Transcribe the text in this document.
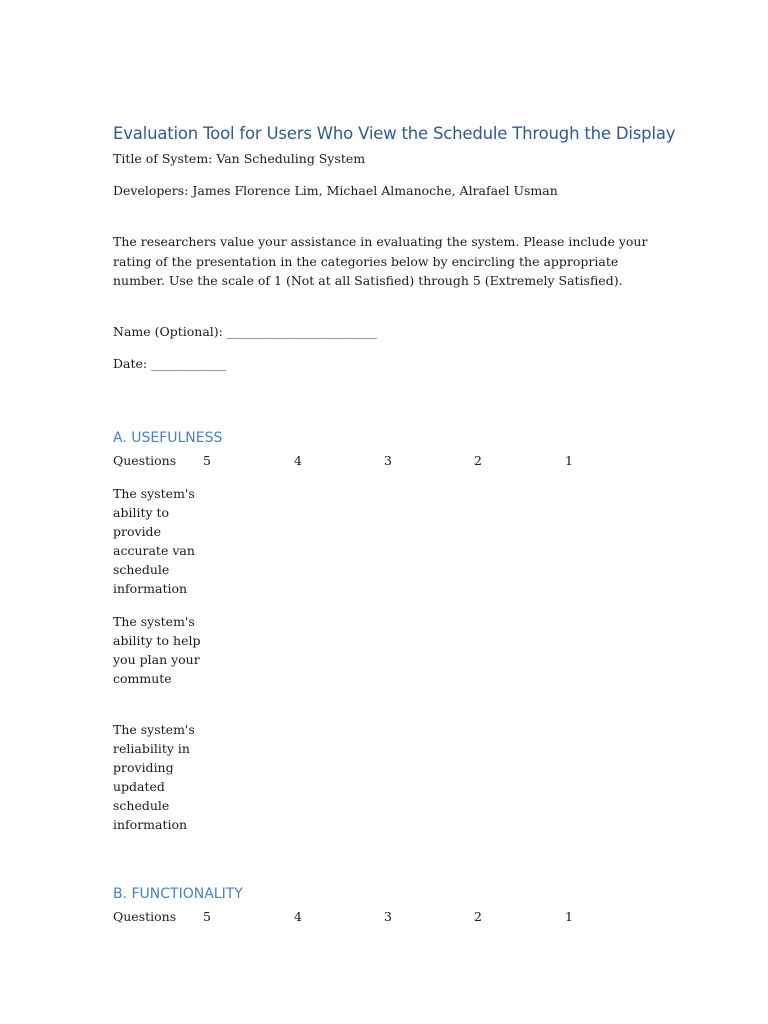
Evaluation Tool for Users Who View the Schedule Through the Display
Title of System: Van Scheduling System
Developers: James Florence Lim, Michael Almanoche, Alrafael Usman
The researchers value your assistance in evaluating the system. Please include your rating of the presentation in the categories below by encircling the appropriate number. Use the scale of 1 (Not at all Satisfied) through 5 (Extremely Satisfied).
Name (Optional): ________________________
Date: ____________
A. USEFULNESS
Questions 5	4	3	2	1
The system's ability to provide accurate van schedule information
The system's ability to help you plan your commute
The system's reliability in providing updated schedule information
B. FUNCTIONALITY
Questions 5	4	3	2	1
